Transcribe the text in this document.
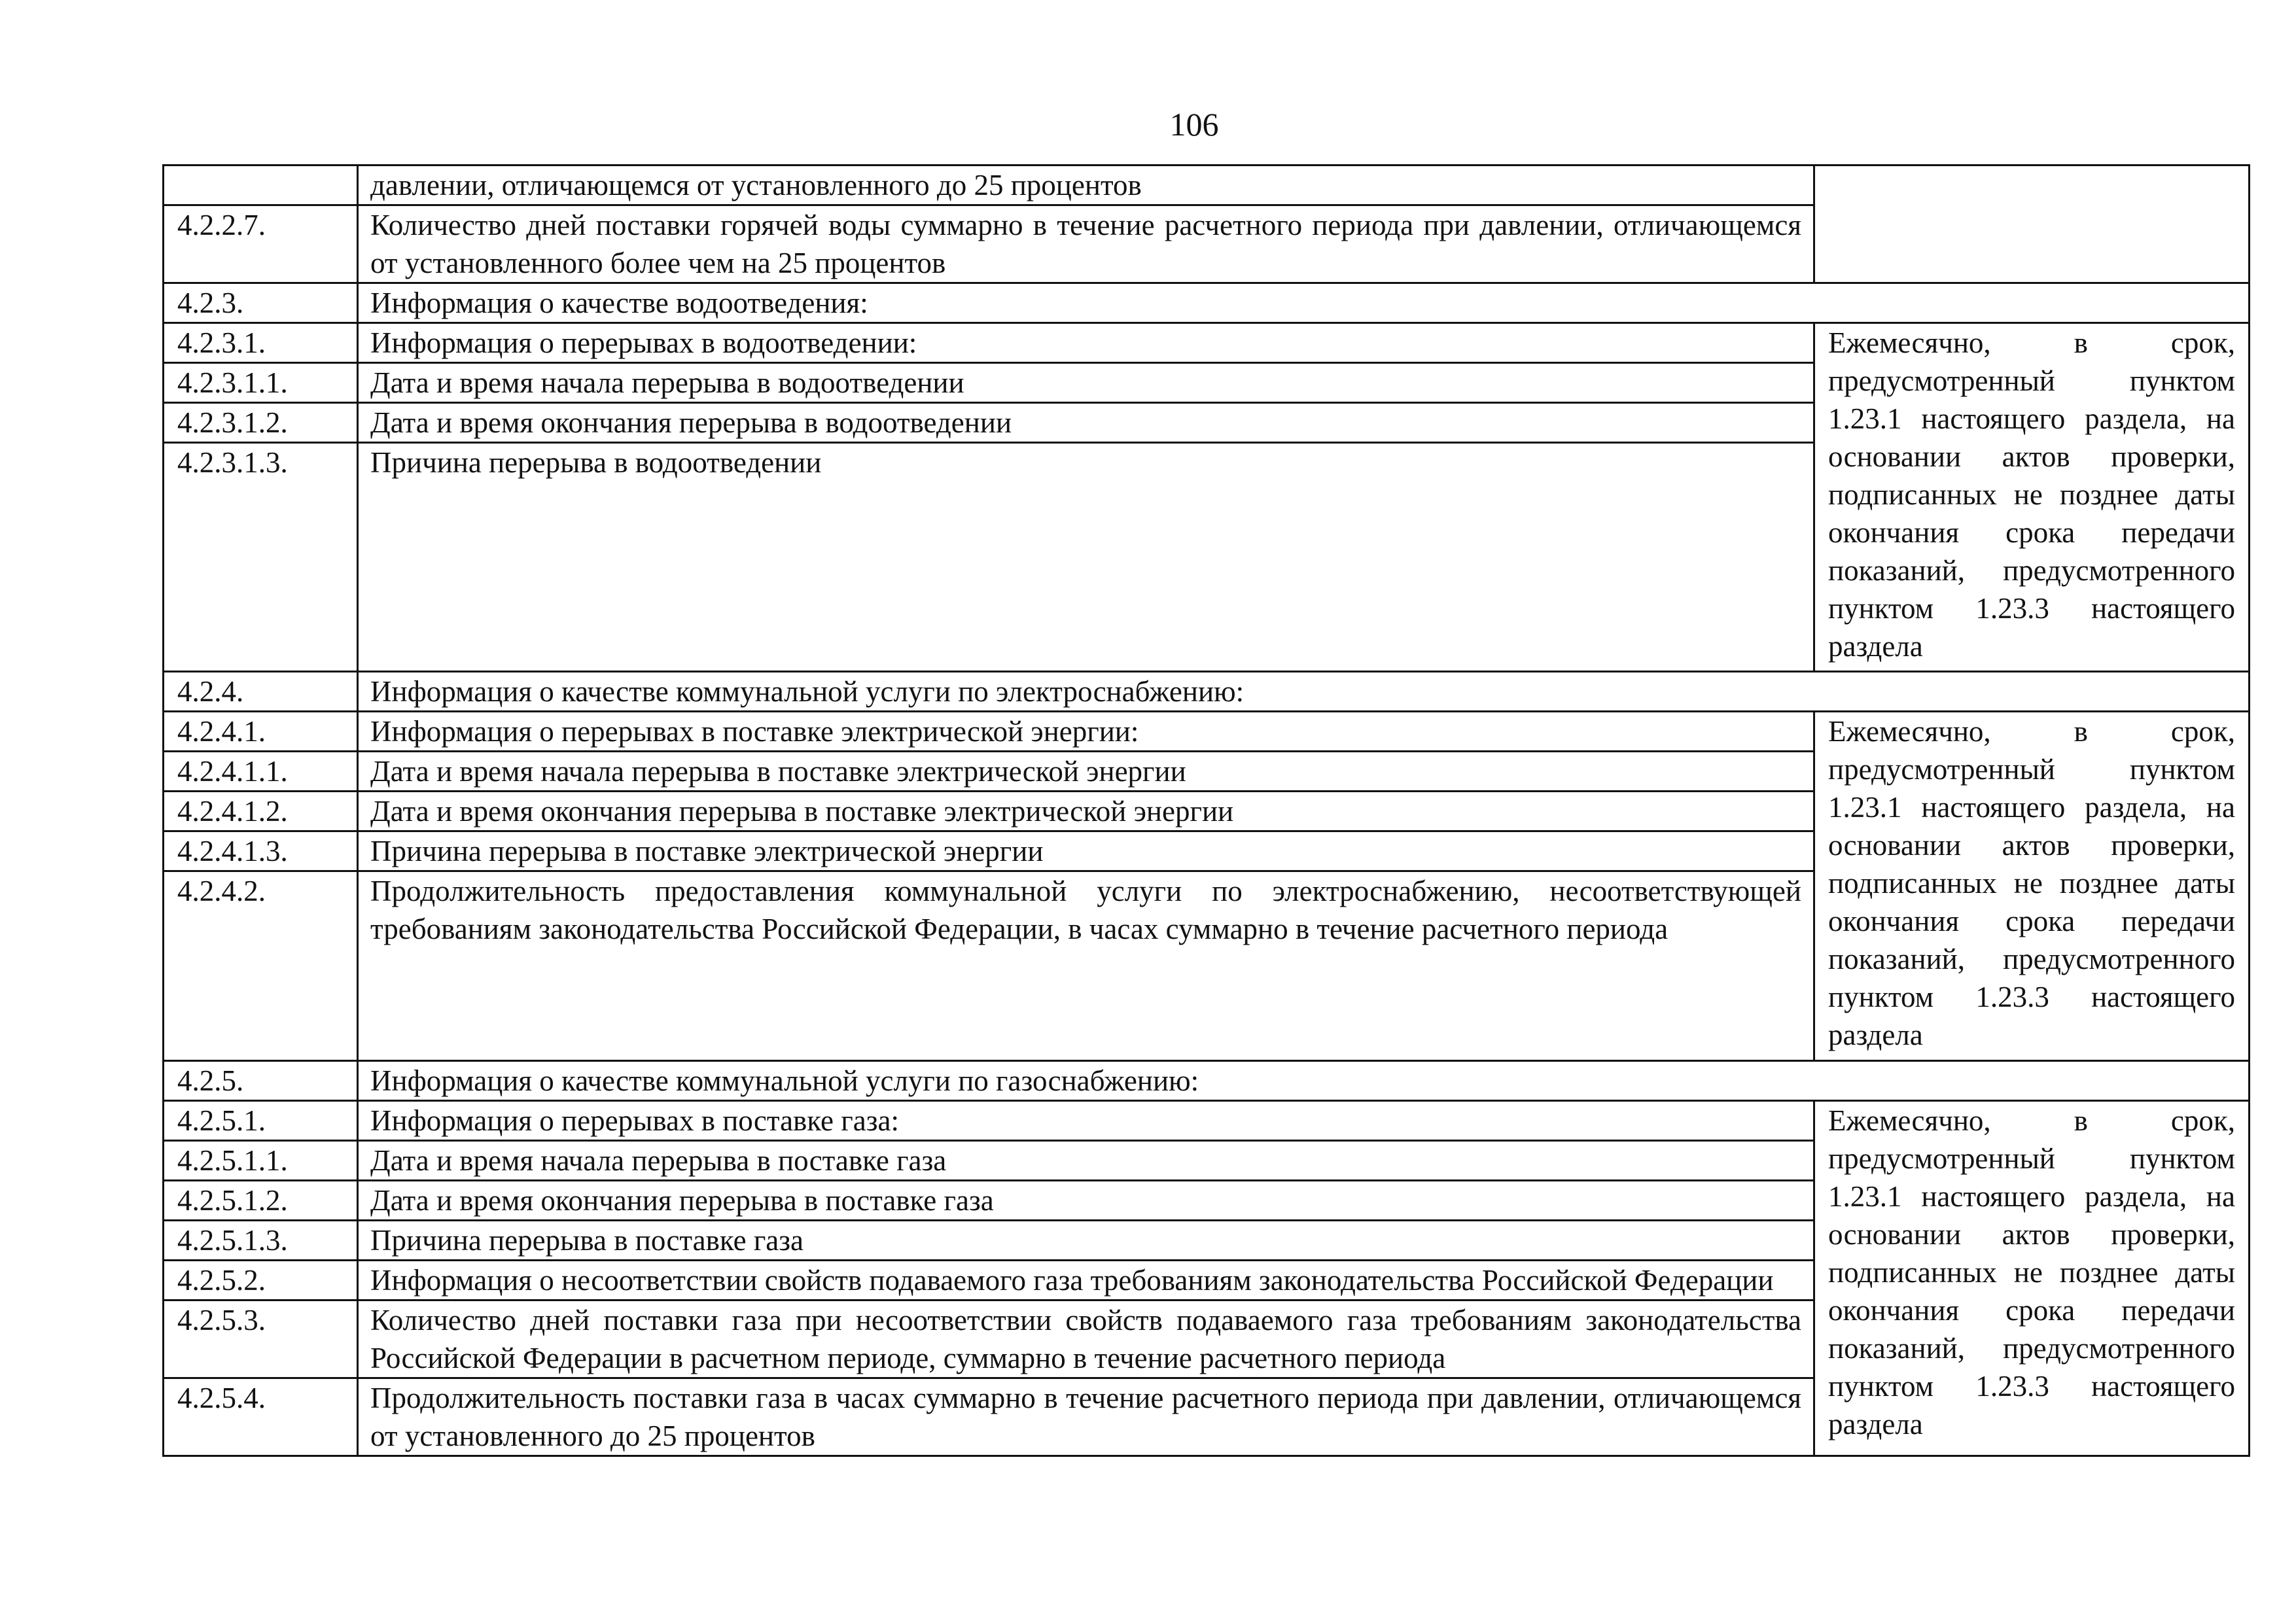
106
	давлении, отличающемся от установленного до 25 процентов	
4.2.2.7.	Количество дней поставки горячей воды суммарно в течение расчетного периода при давлении, отличающемся от установленного более чем на 25 процентов	
4.2.3.	Информация о качестве водоотведения:	
4.2.3.1.	Информация о перерывах в водоотведении:	Ежемесячно, в срок, предусмотренный пунктом 1.23.1 настоящего раздела, на основании актов проверки, подписанных не позднее даты окончания срока передачи показаний, предусмотренного пунктом 1.23.3 настоящего раздела
4.2.3.1.1.	Дата и время начала перерыва в водоотведении	
4.2.3.1.2.	Дата и время окончания перерыва в водоотведении	
4.2.3.1.3.	Причина перерыва в водоотведении	
4.2.4.	Информация о качестве коммунальной услуги по электроснабжению:	
4.2.4.1.	Информация о перерывах в поставке электрической энергии:	Ежемесячно, в срок, предусмотренный пунктом 1.23.1 настоящего раздела, на основании актов проверки, подписанных не позднее даты окончания срока передачи показаний, предусмотренного пунктом 1.23.3 настоящего раздела
4.2.4.1.1.	Дата и время начала перерыва в поставке электрической энергии	
4.2.4.1.2.	Дата и время окончания перерыва в поставке электрической энергии	
4.2.4.1.3.	Причина перерыва в поставке электрической энергии	
4.2.4.2.	Продолжительность предоставления коммунальной услуги по электроснабжению, несоответствующей требованиям законодательства Российской Федерации, в часах суммарно в течение расчетного периода	
4.2.5.	Информация о качестве коммунальной услуги по газоснабжению:	
4.2.5.1.	Информация о перерывах в поставке газа:	Ежемесячно, в срок, предусмотренный пунктом 1.23.1 настоящего раздела, на основании актов проверки, подписанных не позднее даты окончания срока передачи показаний, предусмотренного пунктом 1.23.3 настоящего раздела
4.2.5.1.1.	Дата и время начала перерыва в поставке газа	
4.2.5.1.2.	Дата и время окончания перерыва в поставке газа	
4.2.5.1.3.	Причина перерыва в поставке газа	
4.2.5.2.	Информация о несоответствии свойств подаваемого газа требованиям законодательства Российской Федерации	
4.2.5.3.	Количество дней поставки газа при несоответствии свойств подаваемого газа требованиям законодательства Российской Федерации в расчетном периоде, суммарно в течение расчетного периода	
4.2.5.4.	Продолжительность поставки газа в часах суммарно в течение расчетного периода при давлении, отличающемся от установленного до 25 процентов	
